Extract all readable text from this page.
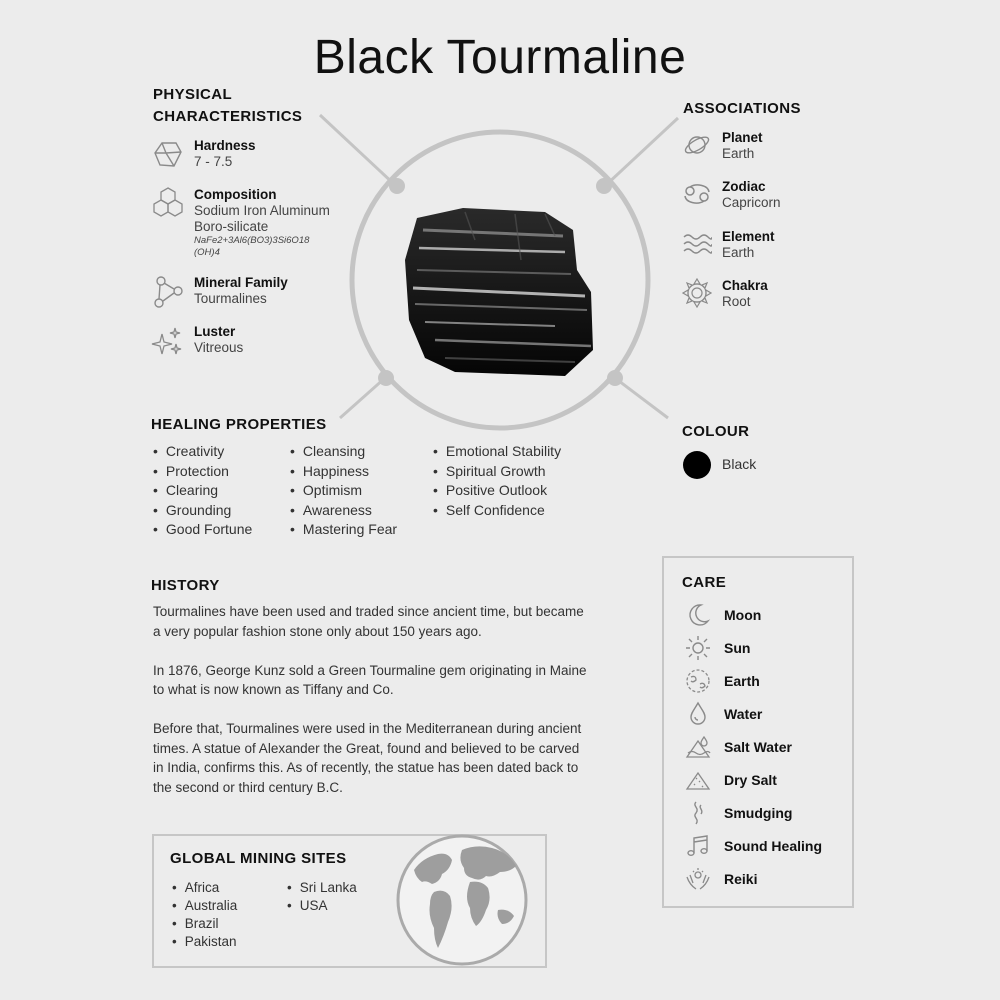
Black Tourmaline
PHYSICAL
CHARACTERISTICS
Hardness
7 - 7.5
Composition
Sodium Iron Aluminum
Boro-silicate
NaFe2+3Al6(BO3)3Si6O18
(OH)4
Mineral Family
Tourmalines
Luster
Vitreous
ASSOCIATIONS
Planet
Earth
Zodiac
Capricorn
Element
Earth
Chakra
Root
HEALING PROPERTIES
• Creativity
• Protection
• Clearing
• Grounding
• Good Fortune
• Cleansing
• Happiness
• Optimism
• Awareness
• Mastering Fear
• Emotional Stability
• Spiritual Growth
• Positive Outlook
• Self Confidence
COLOUR
Black
HISTORY

Tourmalines have been used and traded since ancient time, but became a very popular fashion stone only about 150 years ago.

In 1876, George Kunz sold a Green Tourmaline gem originating in Maine to what is now known as Tiffany and Co.

Before that, Tourmalines were used in the Mediterranean during ancient times. A statue of Alexander the Great, found and believed to be carved in India, confirms this. As of recently, the statue has been dated back to the second or third century B.C.

CARE
Moon
Sun
Earth
Water
Salt Water
Dry Salt
Smudging
Sound Healing
Reiki
GLOBAL MINING SITES
• Africa
• Australia
• Brazil
• Pakistan
• Sri Lanka
• USA
